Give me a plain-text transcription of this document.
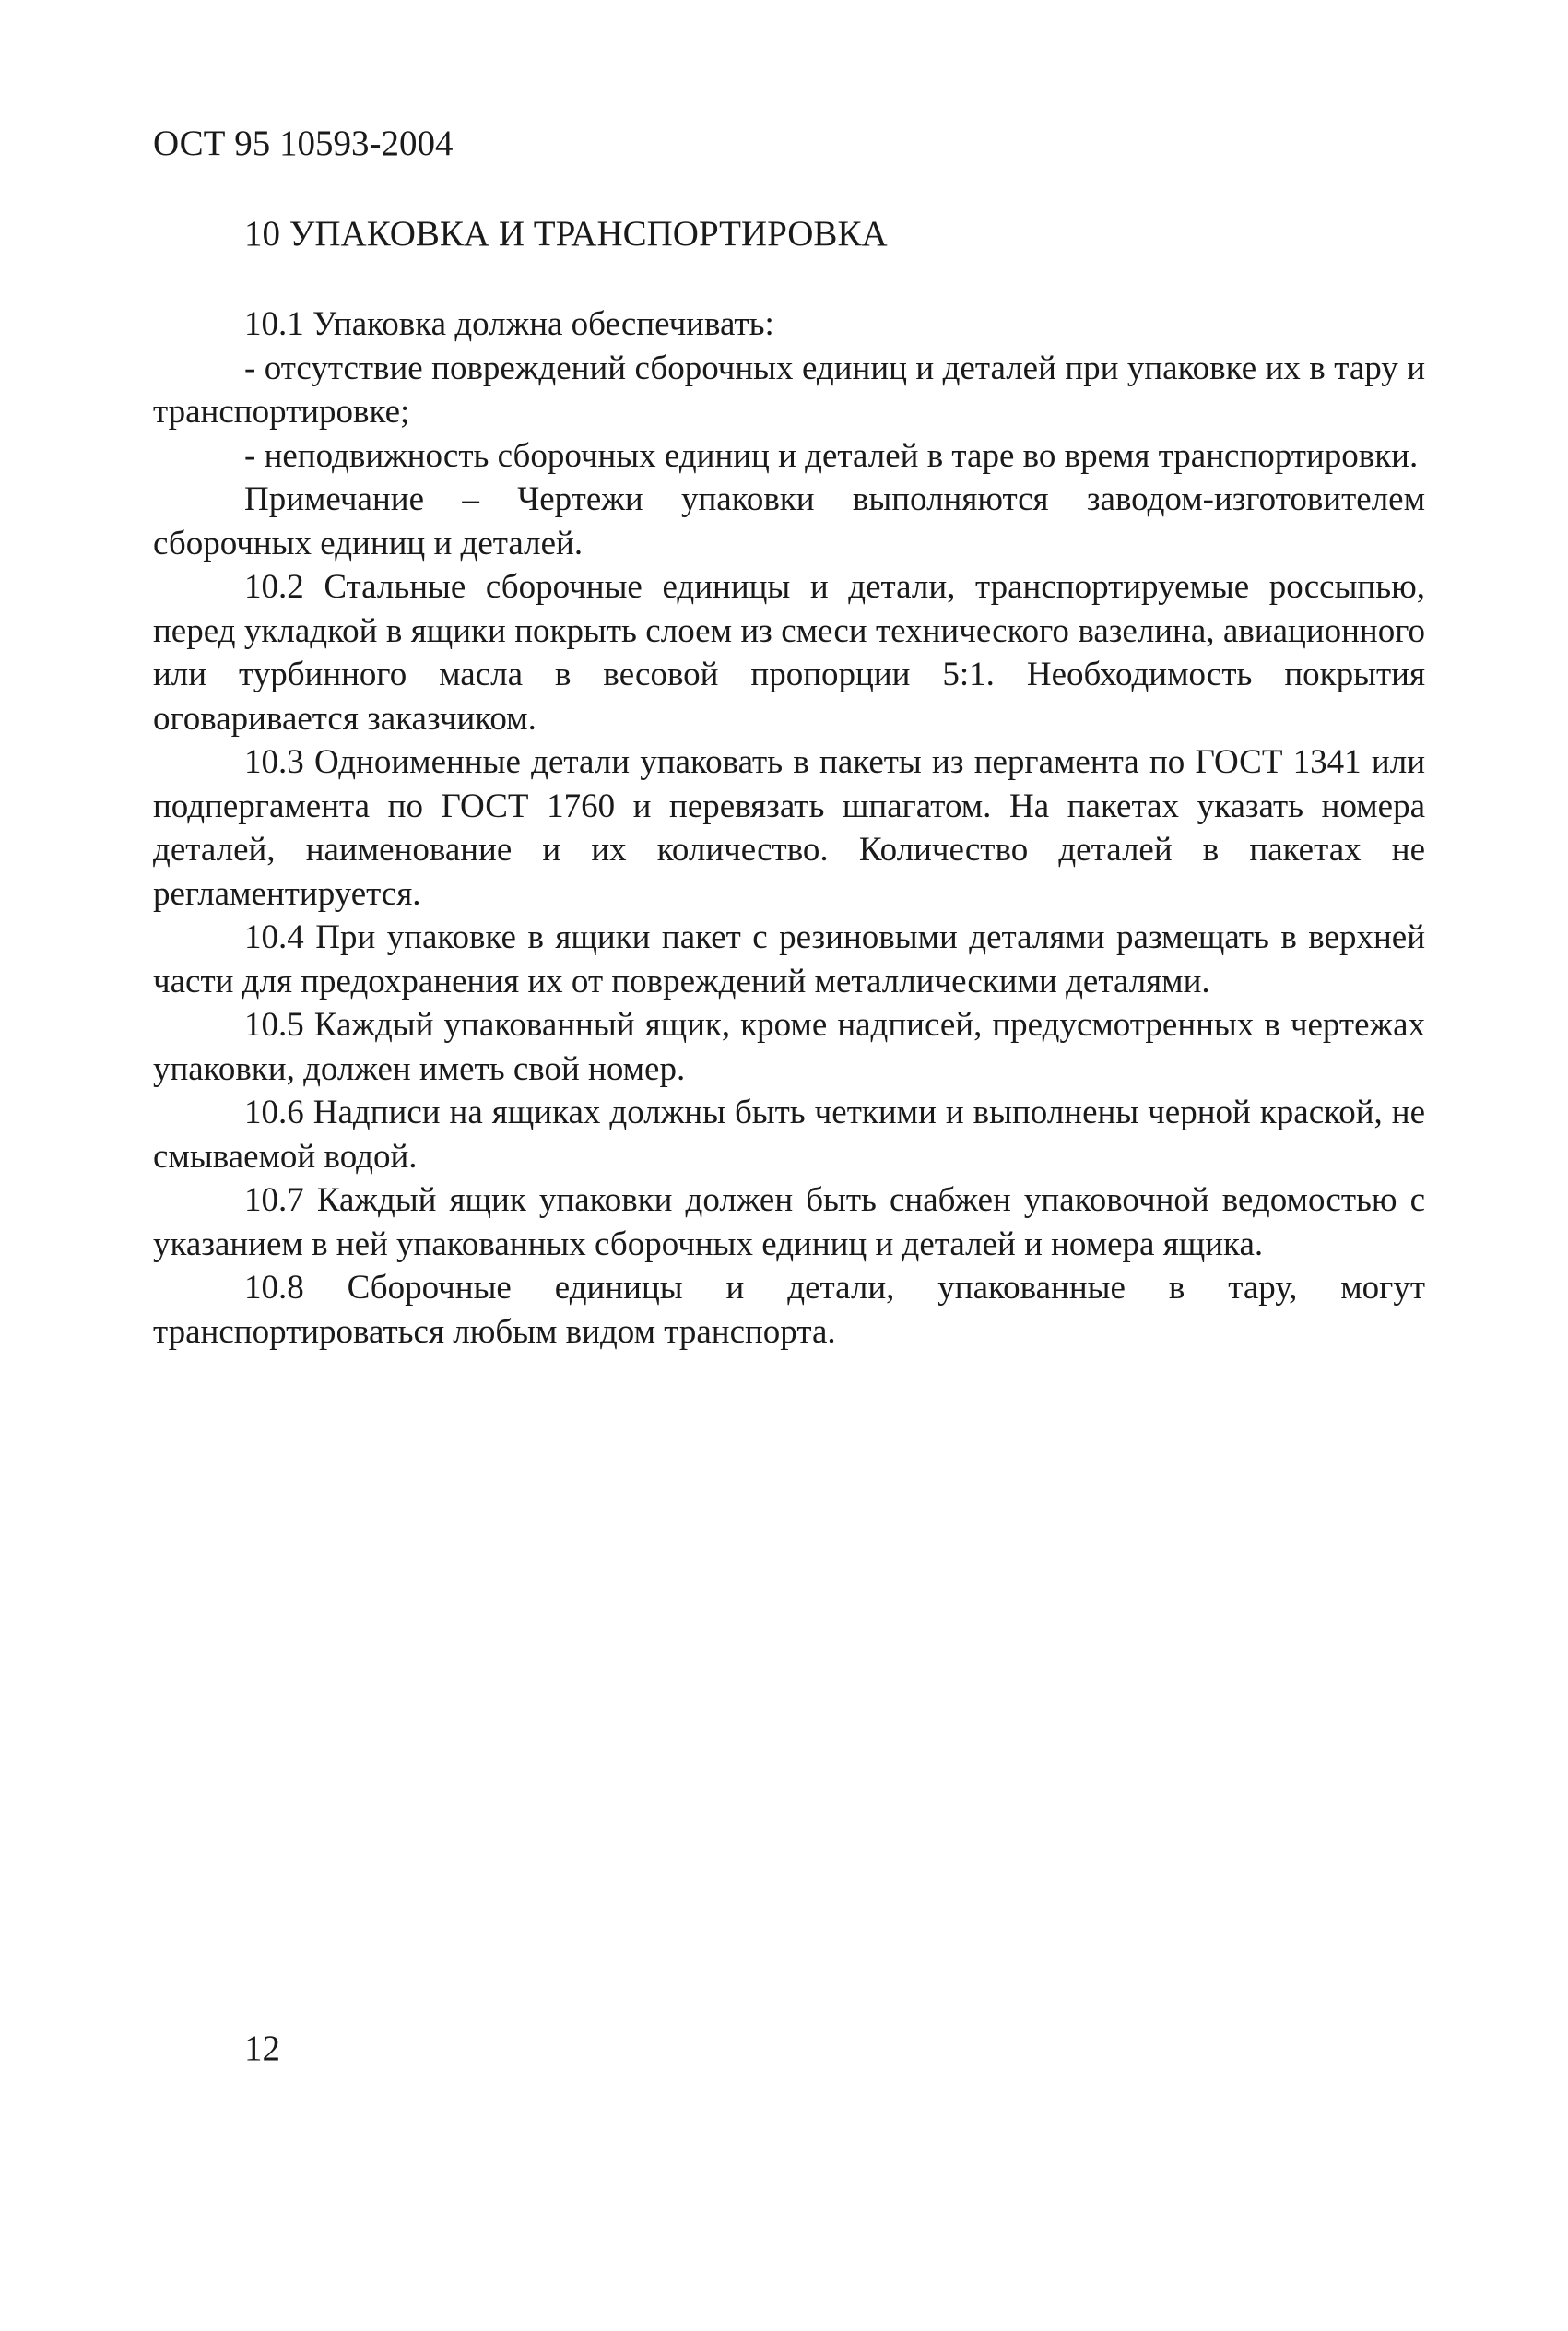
ОСТ 95 10593-2004
10 УПАКОВКА И ТРАНСПОРТИРОВКА

10.1 Упаковка должна обеспечивать:

- отсутствие повреждений сборочных единиц и деталей при упаковке их в тару и транспортировке;

- неподвижность сборочных единиц и деталей в таре во время транспортировки.

Примечание – Чертежи упаковки выполняются заводом-изготовителем сборочных единиц и деталей.

10.2 Стальные сборочные единицы и детали, транспортируемые россыпью, перед укладкой в ящики покрыть слоем из смеси технического вазелина, авиационного или турбинного масла в весовой пропорции 5:1. Необходимость покрытия оговаривается заказчиком.

10.3 Одноименные детали упаковать в пакеты из пергамента по ГОСТ 1341 или подпергамента по ГОСТ 1760 и перевязать шпагатом. На пакетах указать номера деталей, наименование и их количество. Количество деталей в пакетах не регламентируется.

10.4 При упаковке в ящики пакет с резиновыми деталями размещать в верхней части для предохранения их от повреждений металлическими деталями.

10.5 Каждый упакованный ящик, кроме надписей, предусмотренных в чертежах упаковки, должен иметь свой номер.

10.6 Надписи на ящиках должны быть четкими и выполнены черной краской, не смываемой водой.

10.7 Каждый ящик упаковки должен быть снабжен упаковочной ведомостью с указанием в ней упакованных сборочных единиц и деталей и номера ящика.

10.8 Сборочные единицы и детали, упакованные в тару, могут транспортироваться любым видом транспорта.

12
